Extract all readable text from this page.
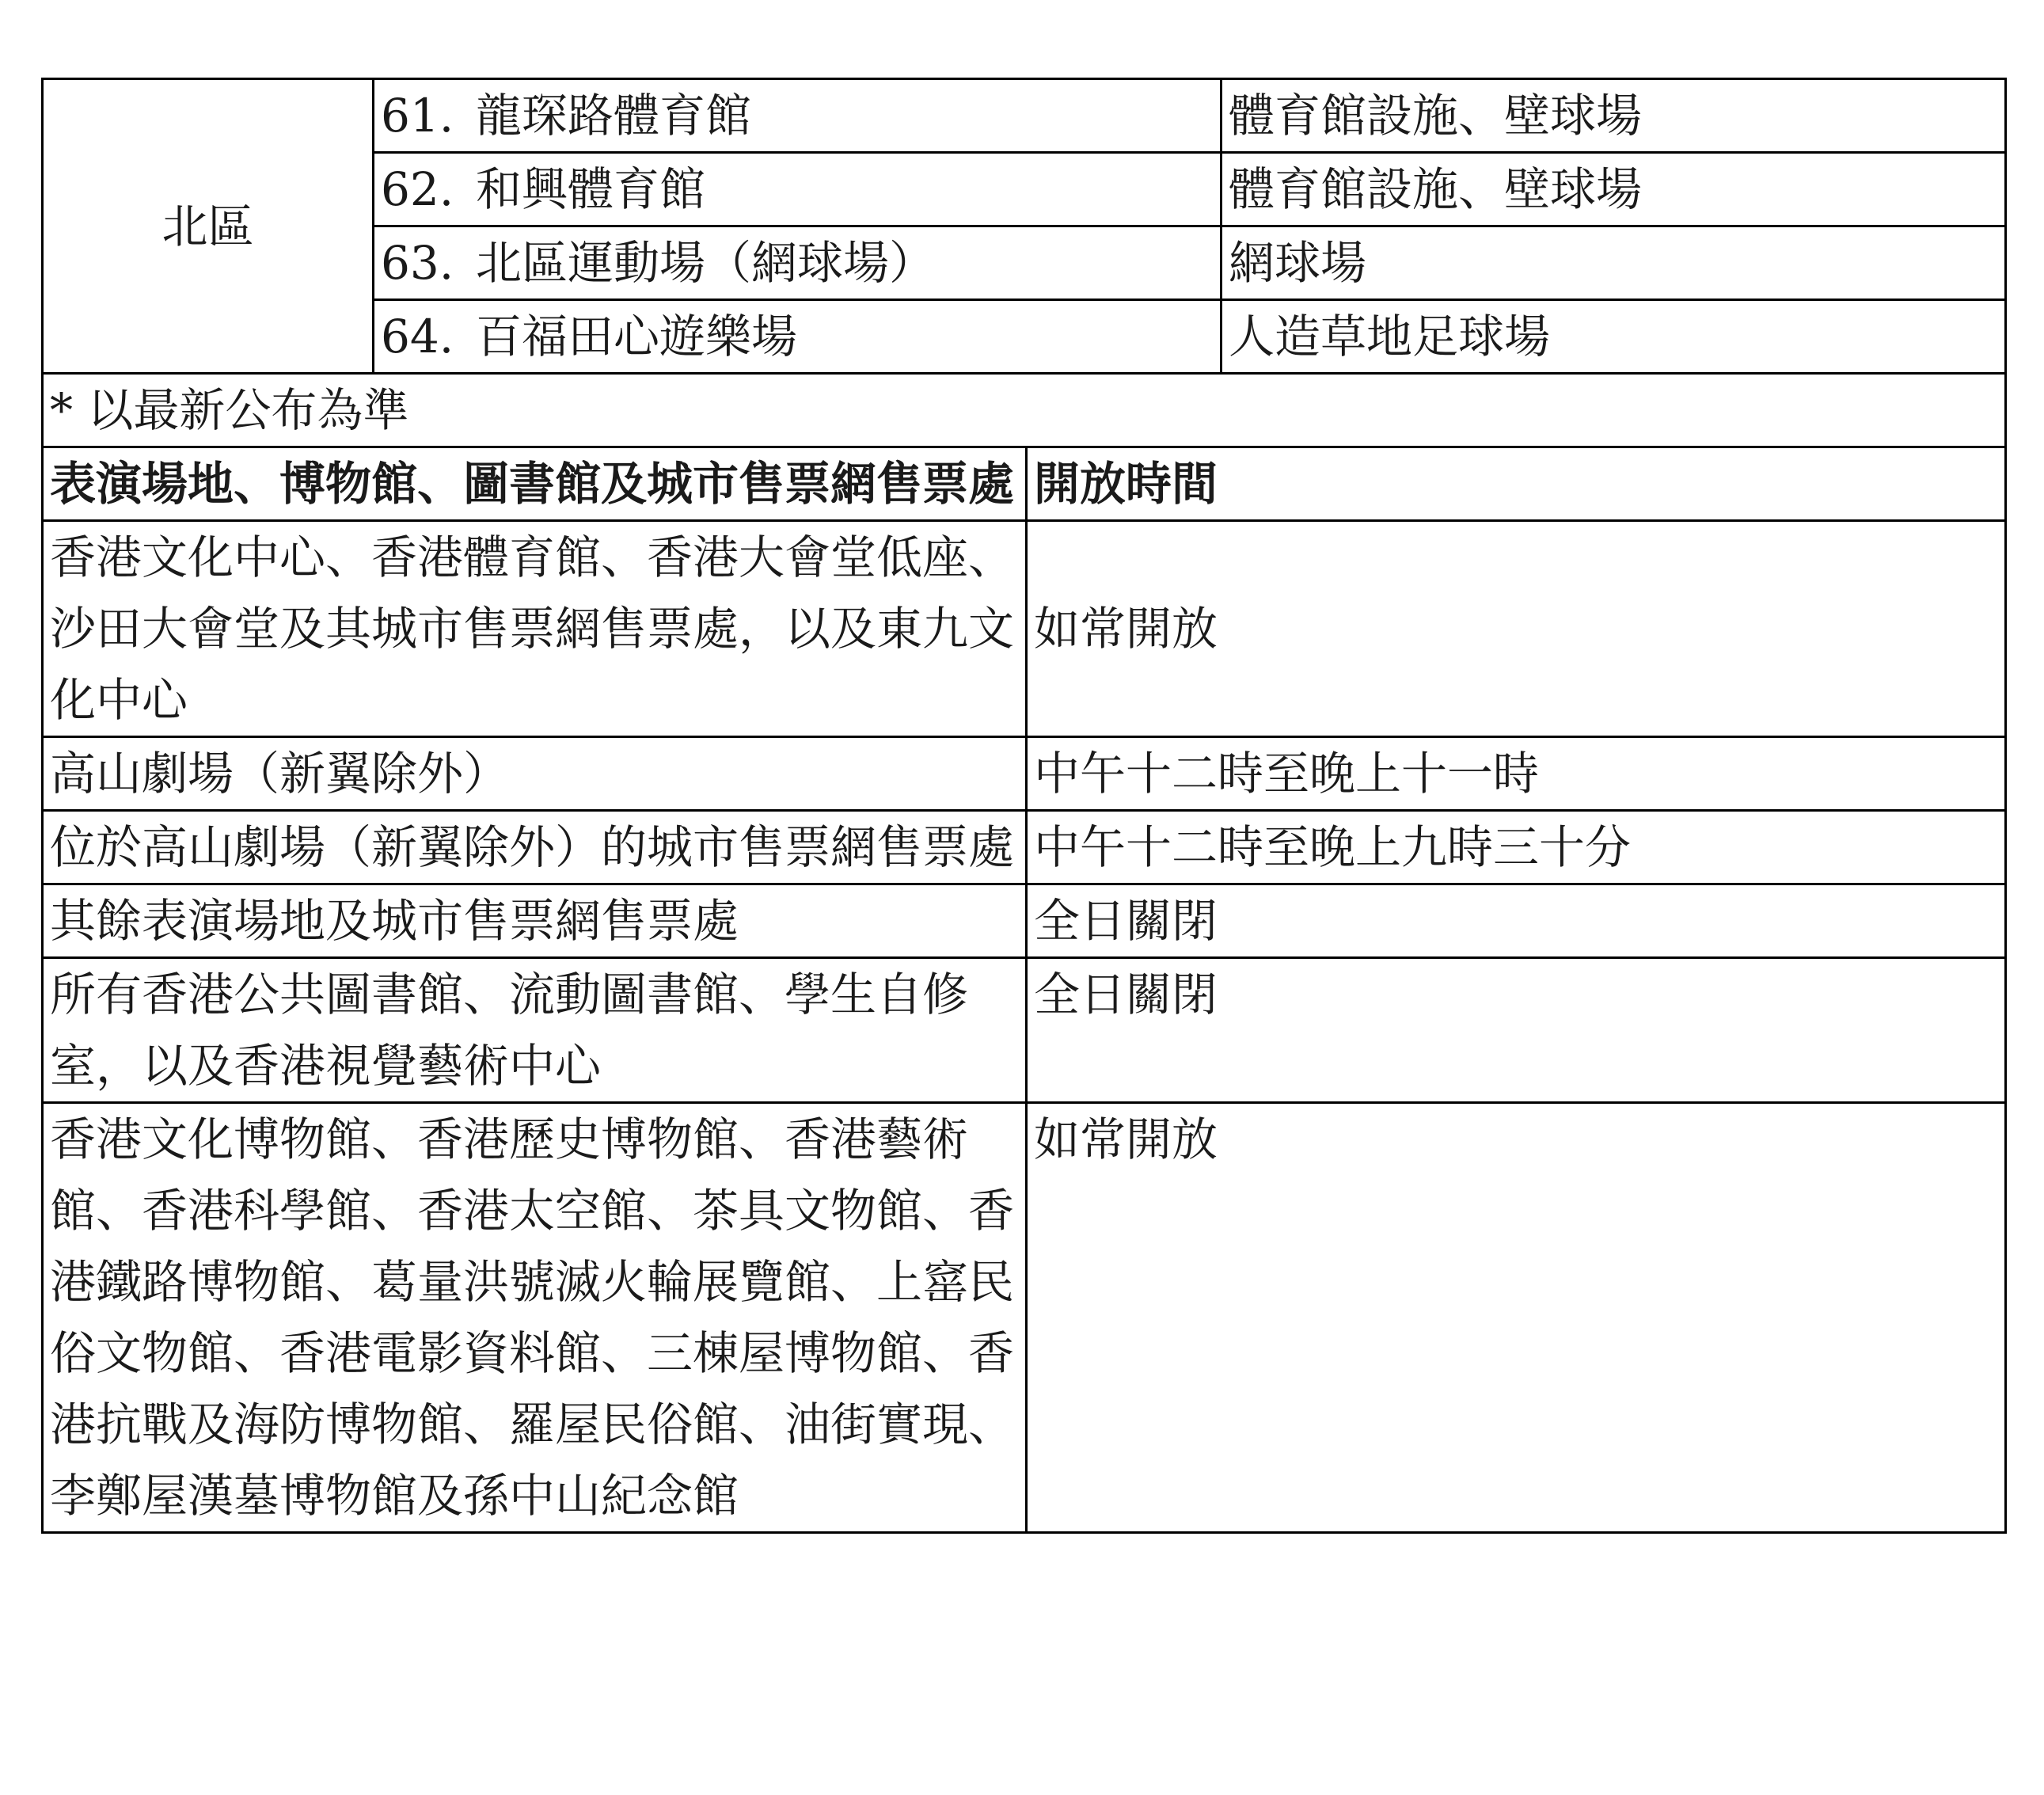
北區	61. 龍琛路體育館		體育館設施、壁球場
	62. 和興體育館		體育館設施、壁球場
	63. 北區運動場（網球場）		網球場
	64. 百福田心遊樂場		人造草地足球場
* 以最新公布為準			
表演場地、博物館、圖書館及城市售票網售票處		開放時間	
香港文化中心、香港體育館、香港大會堂低座、沙田大會堂及其城市售票網售票處，以及東九文化中心		如常開放	
高山劇場（新翼除外）		中午十二時至晚上十一時	
位於高山劇場（新翼除外）的城市售票網售票處		中午十二時至晚上九時三十分	
其餘表演場地及城市售票網售票處		全日關閉	
所有香港公共圖書館、流動圖書館、學生自修室，以及香港視覺藝術中心		全日關閉	
香港文化博物館、香港歷史博物館、香港藝術館、香港科學館、香港太空館、茶具文物館、香港鐵路博物館、葛量洪號滅火輪展覽館、上窰民俗文物館、香港電影資料館、三棟屋博物館、香港抗戰及海防博物館、羅屋民俗館、油街實現、李鄭屋漢墓博物館及孫中山紀念館		如常開放	
